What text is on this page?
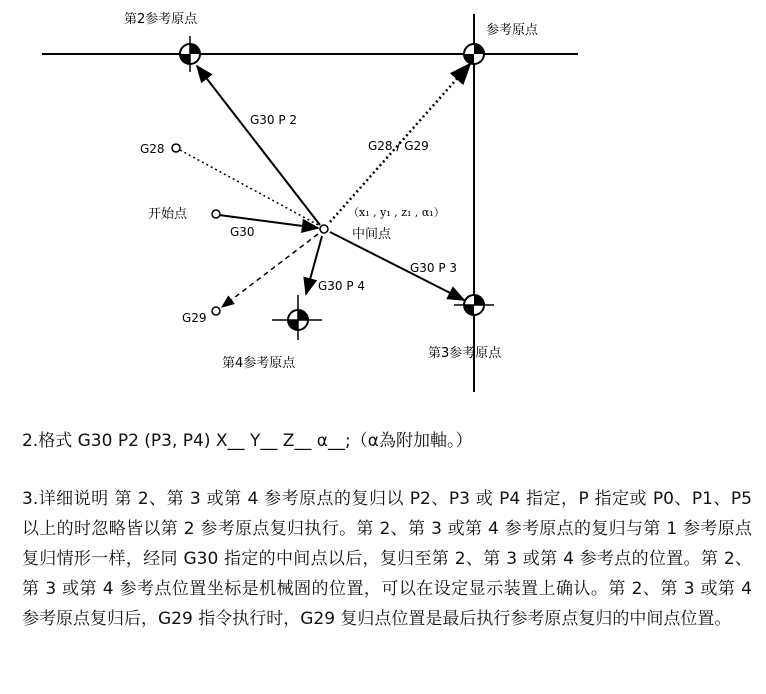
第2参考原点
参考原点
G30 P 2
G28	G28 / G29
开始点	（x₁ , y₁ , z₁ , α₁）
G30	中间点
G30 P 3
G30 P 4
G29
第4参考原点
第3参考原点
2.格式 G30 P2 (P3, P4) X__ Y__ Z__ α__;（α為附加軸。）
3.详细说明 第 2、第 3 或第 4 参考原点的复归以 P2、P3 或 P4 指定，P 指定或 P0、P1、P5 以上的时忽略皆以第 2 参考原点复归执行。第 2、第 3 或第 4 参考原点的复归与第 1 参考原点复归情形一样，经同 G30 指定的中间点以后，复归至第 2、第 3 或第 4 参考点的位置。第 2、第 3 或第 4 参考点位置坐标是机械圄的位置，可以在设定显示装置上确认。第 2、第 3 或第 4 参考原点复归后，G29 指令执行时，G29 复归点位置是最后执行参考原点复归的中间点位置。
